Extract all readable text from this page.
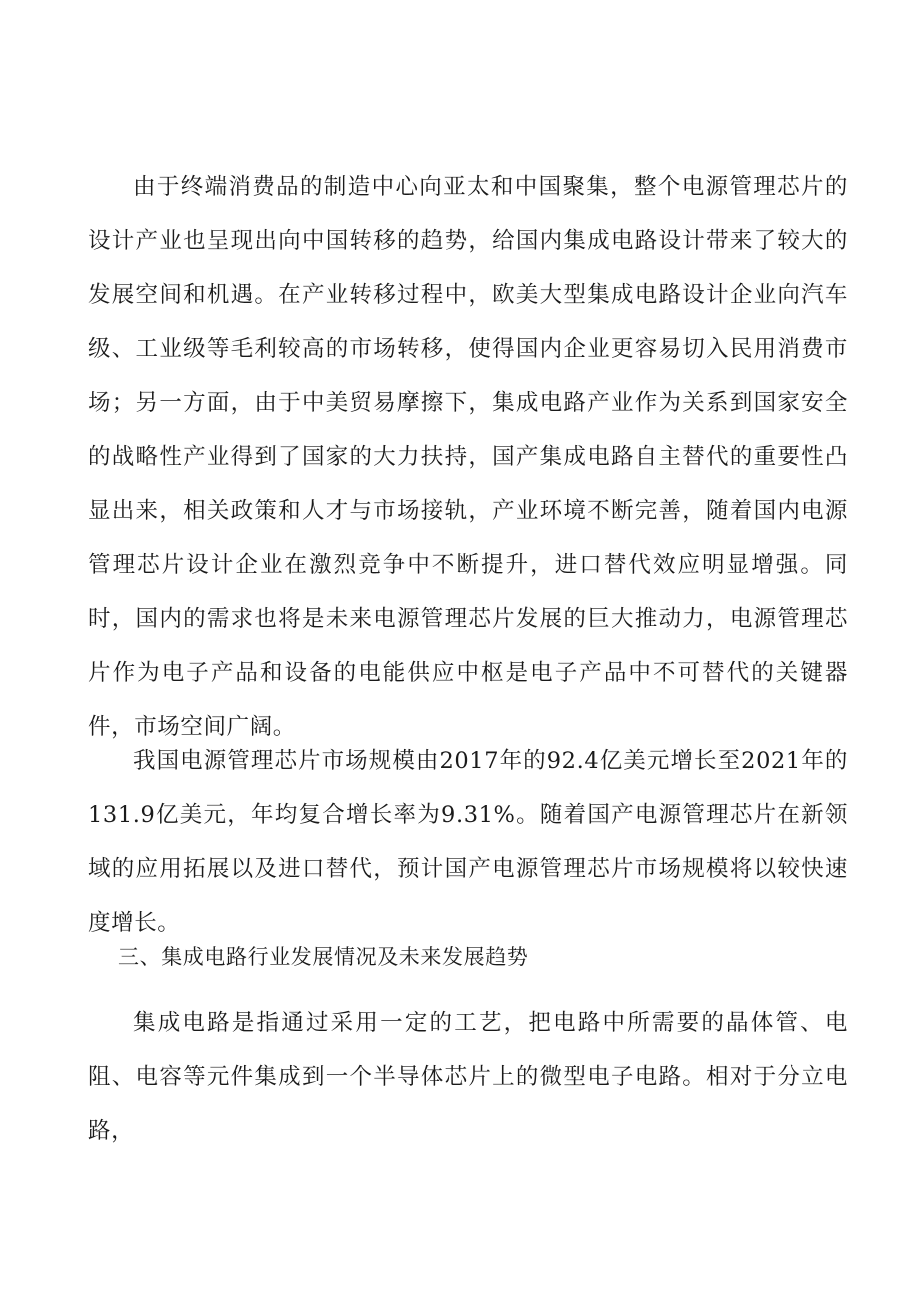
由于终端消费品的制造中心向亚太和中国聚集，整个电源管理芯片的设计产业也呈现出向中国转移的趋势，给国内集成电路设计带来了较大的发展空间和机遇。在产业转移过程中，欧美大型集成电路设计企业向汽车级、工业级等毛利较高的市场转移，使得国内企业更容易切入民用消费市场；另一方面，由于中美贸易摩擦下，集成电路产业作为关系到国家安全的战略性产业得到了国家的大力扶持，国产集成电路自主替代的重要性凸显出来，相关政策和人才与市场接轨，产业环境不断完善，随着国内电源管理芯片设计企业在激烈竞争中不断提升，进口替代效应明显增强。同时，国内的需求也将是未来电源管理芯片发展的巨大推动力，电源管理芯片作为电子产品和设备的电能供应中枢是电子产品中不可替代的关键器件，市场空间广阔。

我国电源管理芯片市场规模由2017年的92.4亿美元增长至2021年的131.9亿美元，年均复合增长率为9.31%。随着国产电源管理芯片在新领域的应用拓展以及进口替代，预计国产电源管理芯片市场规模将以较快速度增长。

三、集成电路行业发展情况及未来发展趋势

集成电路是指通过采用一定的工艺，把电路中所需要的晶体管、电阻、电容等元件集成到一个半导体芯片上的微型电子电路。相对于分立电路，
